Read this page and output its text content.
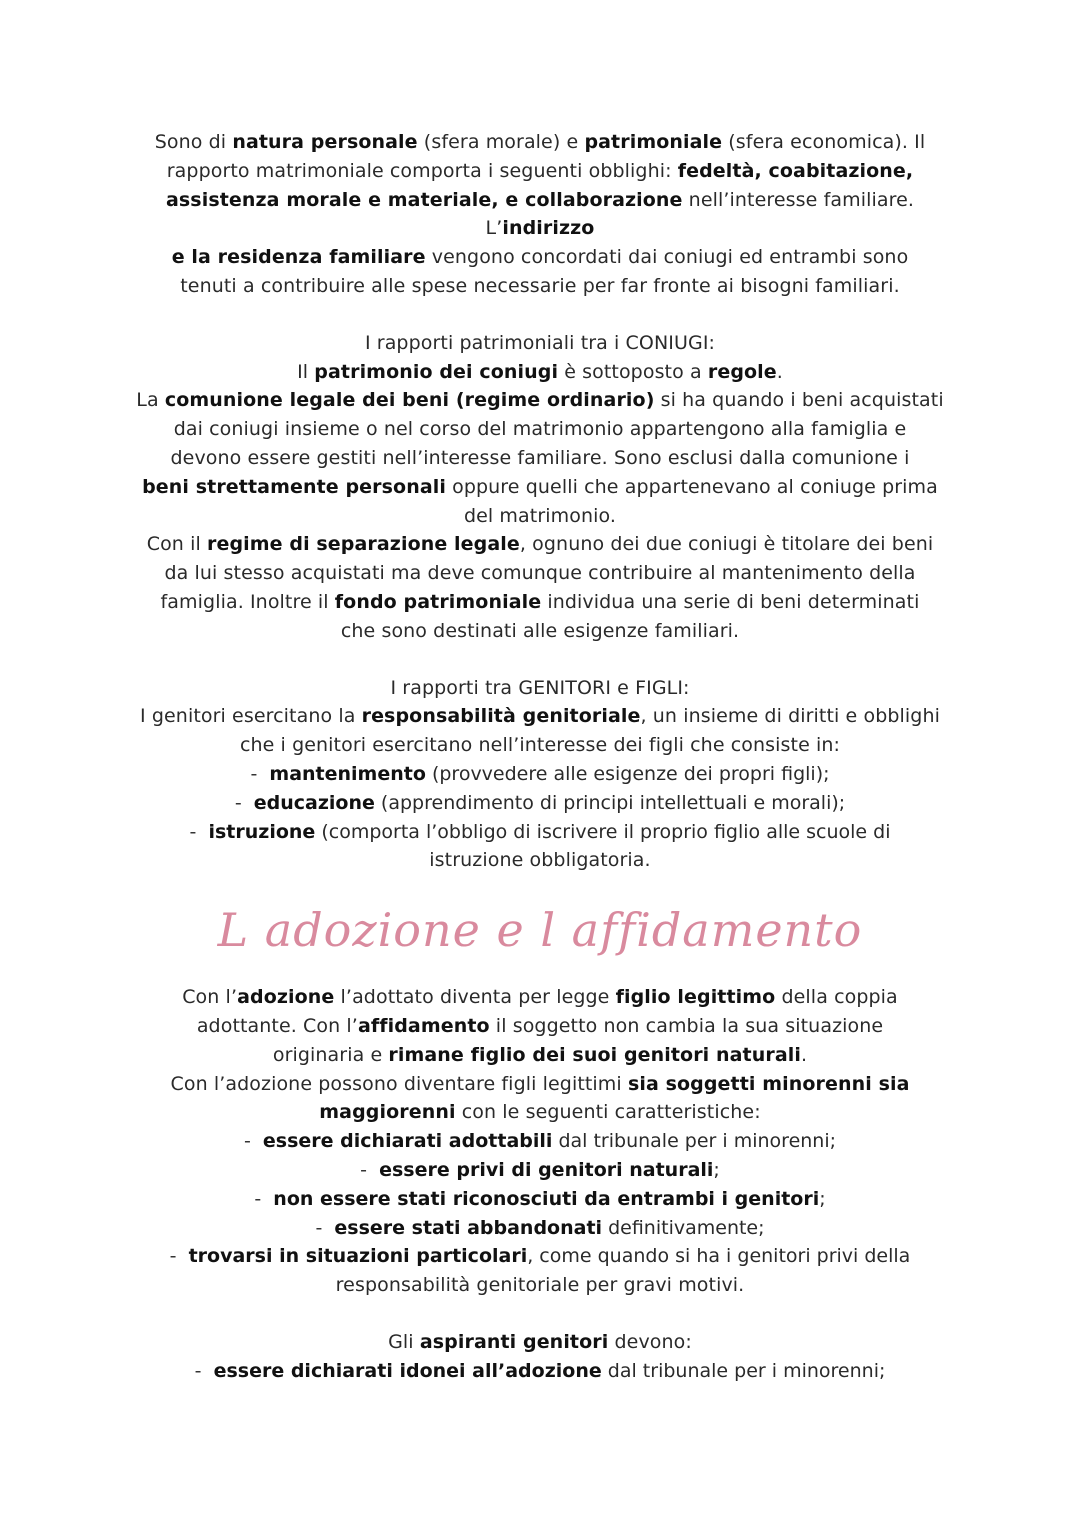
Sono di natura personale (sfera morale) e patrimoniale (sfera economica). Il
rapporto matrimoniale comporta i seguenti obblighi: fedeltà, coabitazione,
assistenza morale e materiale, e collaborazione nell’interesse familiare. L’indirizzo
e la residenza familiare vengono concordati dai coniugi ed entrambi sono
tenuti a contribuire alle spese necessarie per far fronte ai bisogni familiari.
I rapporti patrimoniali tra i CONIUGI:
Il patrimonio dei coniugi è sottoposto a regole.
La comunione legale dei beni (regime ordinario) si ha quando i beni acquistati
dai coniugi insieme o nel corso del matrimonio appartengono alla famiglia e
devono essere gestiti nell’interesse familiare. Sono esclusi dalla comunione i
beni strettamente personali oppure quelli che appartenevano al coniuge prima
del matrimonio.
Con il regime di separazione legale, ognuno dei due coniugi è titolare dei beni
da lui stesso acquistati ma deve comunque contribuire al mantenimento della
famiglia. Inoltre il fondo patrimoniale individua una serie di beni determinati
che sono destinati alle esigenze familiari.
I rapporti tra GENITORI e FIGLI:
I genitori esercitano la responsabilità genitoriale, un insieme di diritti e obblighi
che i genitori esercitano nell’interesse dei figli che consiste in:
- mantenimento (provvedere alle esigenze dei propri figli);
- educazione (apprendimento di principi intellettuali e morali);
- istruzione (comporta l’obbligo di iscrivere il proprio figlio alle scuole di
istruzione obbligatoria.
L adozione e l affidamento
Con l’adozione l’adottato diventa per legge figlio legittimo della coppia
adottante. Con l’affidamento il soggetto non cambia la sua situazione
originaria e rimane figlio dei suoi genitori naturali.
Con l’adozione possono diventare figli legittimi sia soggetti minorenni sia
maggiorenni con le seguenti caratteristiche:
- essere dichiarati adottabili dal tribunale per i minorenni;
- essere privi di genitori naturali;
- non essere stati riconosciuti da entrambi i genitori;
- essere stati abbandonati definitivamente;
- trovarsi in situazioni particolari, come quando si ha i genitori privi della
responsabilità genitoriale per gravi motivi.
Gli aspiranti genitori devono:
- essere dichiarati idonei all’adozione dal tribunale per i minorenni;
